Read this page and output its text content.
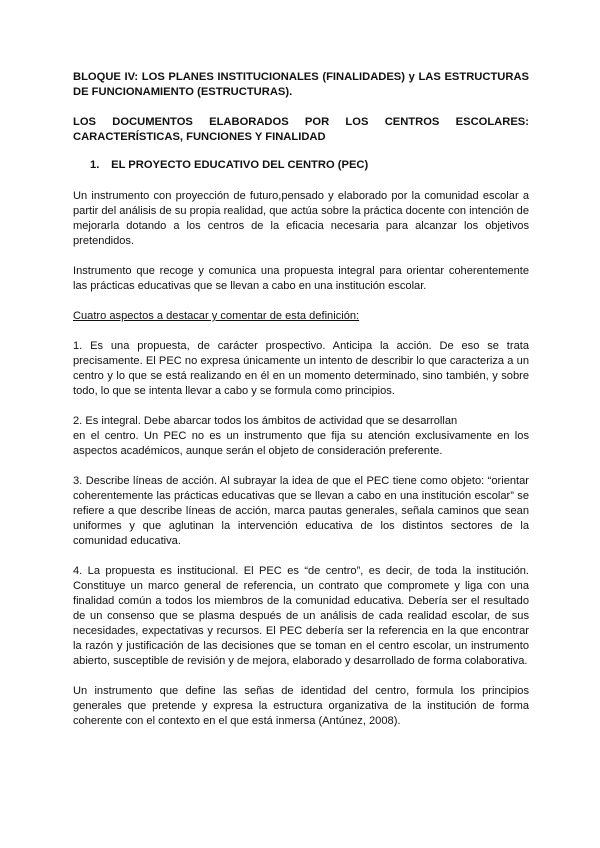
BLOQUE IV: LOS PLANES INSTITUCIONALES (FINALIDADES) y LAS ESTRUCTURAS DE FUNCIONAMIENTO (ESTRUCTURAS).
LOS DOCUMENTOS ELABORADOS POR LOS CENTROS ESCOLARES:
CARACTERÍSTICAS, FUNCIONES Y FINALIDAD
1. EL PROYECTO EDUCATIVO DEL CENTRO (PEC)

Un instrumento con proyección de futuro,pensado y elaborado por la comunidad escolar a partir del análisis de su propia realidad, que actúa sobre la práctica docente con intención de mejorarla dotando a los centros de la eficacia necesaria para alcanzar los objetivos pretendidos.

Instrumento que recoge y comunica una propuesta integral para orientar coherentemente las prácticas educativas que se llevan a cabo en una institución escolar.

Cuatro aspectos a destacar y comentar de esta definición:

1. Es una propuesta, de carácter prospectivo. Anticipa la acción. De eso se trata precisamente. El PEC no expresa únicamente un intento de describir lo que caracteriza a un centro y lo que se está realizando en él en un momento determinado, sino también, y sobre todo, lo que se intenta llevar a cabo y se formula como principios.

2. Es integral. Debe abarcar todos los ámbitos de actividad que se desarrollan
en el centro. Un PEC no es un instrumento que fija su atención exclusivamente en los aspectos académicos, aunque serán el objeto de consideración preferente.

3. Describe líneas de acción. Al subrayar la idea de que el PEC tiene como objeto: “orientar coherentemente las prácticas educativas que se llevan a cabo en una institución escolar” se refiere a que describe líneas de acción, marca pautas generales, señala caminos que sean uniformes y que aglutinan la intervención educativa de los distintos sectores de la comunidad educativa.

4. La propuesta es institucional. El PEC es “de centro”, es decir, de toda la institución. Constituye un marco general de referencia, un contrato que compromete y liga con una finalidad común a todos los miembros de la comunidad educativa. Debería ser el resultado de un consenso que se plasma después de un análisis de cada realidad escolar, de sus necesidades, expectativas y recursos. El PEC debería ser la referencia en la que encontrar la razón y justificación de las decisiones que se toman en el centro escolar, un instrumento abierto, susceptible de revisión y de mejora, elaborado y desarrollado de forma colaborativa.

Un instrumento que define las señas de identidad del centro, formula los principios generales que pretende y expresa la estructura organizativa de la institución de forma coherente con el contexto en el que está inmersa (Antúnez, 2008).
